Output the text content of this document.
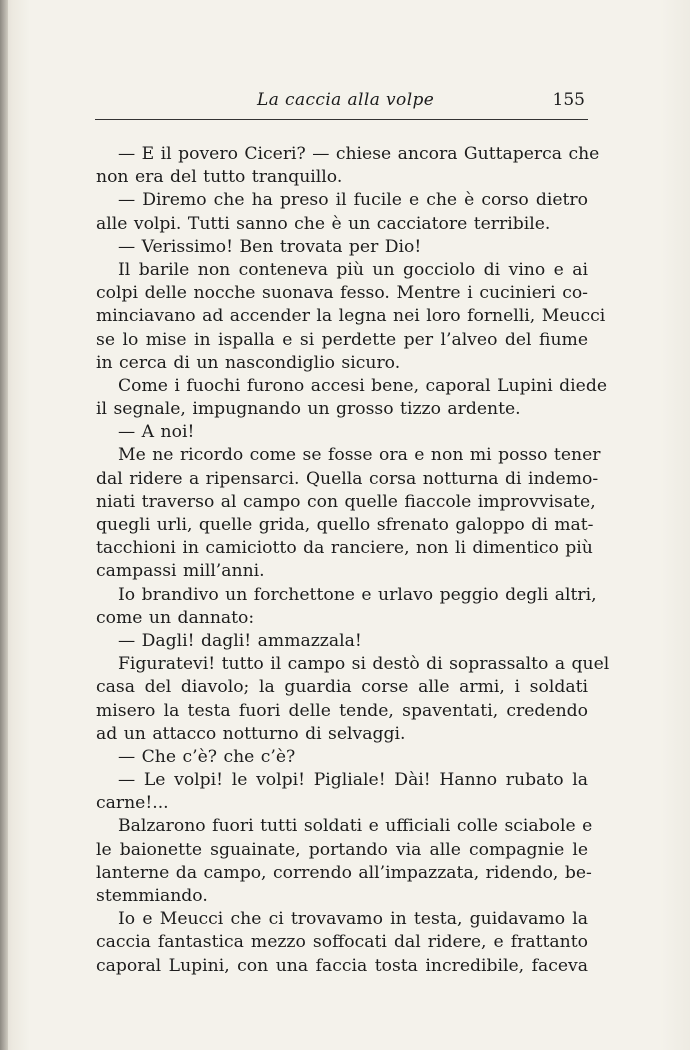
La caccia alla volpe	155
— E il povero Ciceri? — chiese ancora Guttaperca che
non era del tutto tranquillo.
— Diremo che ha preso il fucile e che è corso dietro
alle volpi. Tutti sanno che è un cacciatore terribile.
— Verissimo! Ben trovata per Dio!
Il barile non conteneva più un gocciolo di vino e ai
colpi delle nocche suonava fesso. Mentre i cucinieri co-
minciavano ad accender la legna nei loro fornelli, Meucci
se lo mise in ispalla e si perdette per l’alveo del fiume
in cerca di un nascondiglio sicuro.
Come i fuochi furono accesi bene, caporal Lupini diede
il segnale, impugnando un grosso tizzo ardente.
— A noi!
Me ne ricordo come se fosse ora e non mi posso tener
dal ridere a ripensarci. Quella corsa notturna di indemo-
niati traverso al campo con quelle fiaccole improvvisate,
quegli urli, quelle grida, quello sfrenato galoppo di mat-
tacchioni in camiciotto da ranciere, non li dimentico più
campassi mill’anni.
Io brandivo un forchettone e urlavo peggio degli altri,
come un dannato:
— Dagli! dagli! ammazzala!
Figuratevi! tutto il campo si destò di soprassalto a quel
casa del diavolo; la guardia corse alle armi, i soldati
misero la testa fuori delle tende, spaventati, credendo
ad un attacco notturno di selvaggi.
— Che c’è? che c’è?
— Le volpi! le volpi! Pigliale! Dài! Hanno rubato la
carne!...
Balzarono fuori tutti soldati e ufficiali colle sciabole e
le baionette sguainate, portando via alle compagnie le
lanterne da campo, correndo all’impazzata, ridendo, be-
stemmiando.
Io e Meucci che ci trovavamo in testa, guidavamo la
caccia fantastica mezzo soffocati dal ridere, e frattanto
caporal Lupini, con una faccia tosta incredibile, faceva
